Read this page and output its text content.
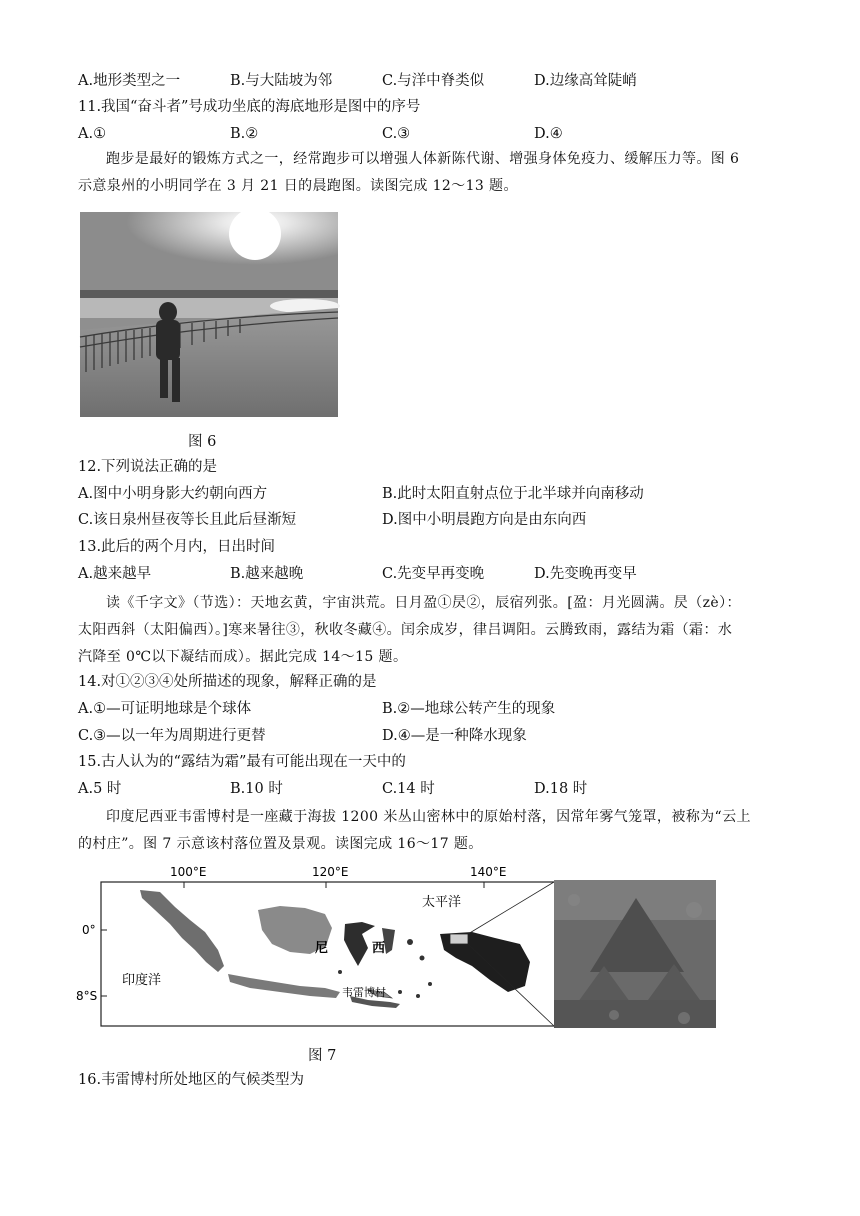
A.地形类型之一	B.与大陆坡为邻	C.与洋中脊类似	D.边缘高耸陡峭
11.我国“奋斗者”号成功坐底的海底地形是图中的序号
A.①	B.②	C.③	D.④
跑步是最好的锻炼方式之一，经常跑步可以增强人体新陈代谢、增强身体免疫力、缓解压力等。图 6
示意泉州的小明同学在 3 月 21 日的晨跑图。读图完成 12～13 题。
图 6
12.下列说法正确的是
A.图中小明身影大约朝向西方	B.此时太阳直射点位于北半球并向南移动
C.该日泉州昼夜等长且此后昼渐短	D.图中小明晨跑方向是由东向西
13.此后的两个月内，日出时间
A.越来越早	B.越来越晚	C.先变早再变晚	D.先变晚再变早
读《千字文》（节选）：天地玄黄，宇宙洪荒。日月盈①昃②，辰宿列张。[盈：月光圆满。昃（zè）：
太阳西斜（太阳偏西）。]寒来暑往③，秋收冬藏④。闰余成岁，律吕调阳。云腾致雨，露结为霜（霜：水
汽降至 0℃以下凝结而成）。据此完成 14～15 题。
14.对①②③④处所描述的现象，解释正确的是
A.①—可证明地球是个球体	B.②—地球公转产生的现象
C.③—以一年为周期进行更替	D.④—是一种降水现象
15.古人认为的“露结为霜”最有可能出现在一天中的
A.5 时	B.10 时	C.14 时	D.18 时
印度尼西亚韦雷博村是一座藏于海拔 1200 米丛山密林中的原始村落，因常年雾气笼罩，被称为“云上
的村庄”。图 7 示意该村落位置及景观。读图完成 16～17 题。
100°E	120°E	140°E
0°
8°S
太平洋
印度洋
尼	西
韦雷博村
图 7
16.韦雷博村所处地区的气候类型为
